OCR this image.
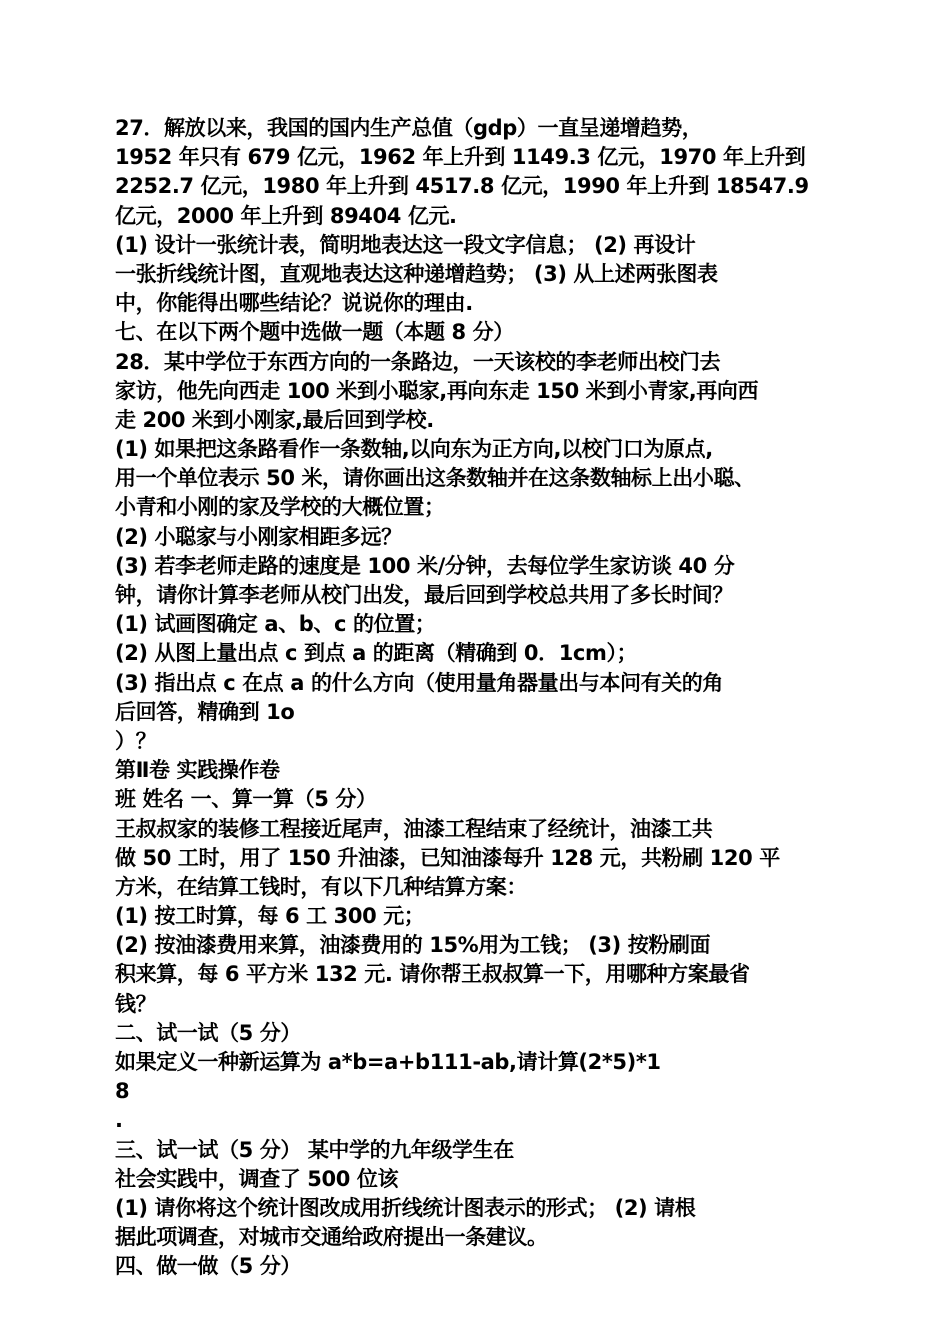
27．解放以来，我国的国内生产总值（gdp）一直呈递增趋势，
1952 年只有 679 亿元，1962 年上升到 1149.3 亿元，1970 年上升到
2252.7 亿元，1980 年上升到 4517.8 亿元，1990 年上升到 18547.9
亿元，2000 年上升到 89404 亿元.
(1) 设计一张统计表，简明地表达这一段文字信息； (2) 再设计
一张折线统计图，直观地表达这种递增趋势； (3) 从上述两张图表
中，你能得出哪些结论？说说你的理由.
七、在以下两个题中选做一题（本题 8 分）
28．某中学位于东西方向的一条路边，一天该校的李老师出校门去
家访，他先向西走 100 米到小聪家,再向东走 150 米到小青家,再向西
走 200 米到小刚家,最后回到学校.
(1) 如果把这条路看作一条数轴,以向东为正方向,以校门口为原点,
用一个单位表示 50 米，请你画出这条数轴并在这条数轴标上出小聪、
小青和小刚的家及学校的大概位置；
(2) 小聪家与小刚家相距多远？
(3) 若李老师走路的速度是 100 米/分钟，去每位学生家访谈 40 分
钟，请你计算李老师从校门出发，最后回到学校总共用了多长时间？
(1) 试画图确定 a、b、c 的位置；
(2) 从图上量出点 c 到点 a 的距离（精确到 0．1cm）；
(3) 指出点 c 在点 a 的什么方向（使用量角器量出与本问有关的角
后回答，精确到 1o
）？
第Ⅱ卷 实践操作卷
班 姓名 一、算一算（5 分）
王叔叔家的装修工程接近尾声，油漆工程结束了经统计，油漆工共
做 50 工时，用了 150 升油漆，已知油漆每升 128 元，共粉刷 120 平
方米，在结算工钱时，有以下几种结算方案：
(1) 按工时算，每 6 工 300 元；
(2) 按油漆费用来算，油漆费用的 15%用为工钱； (3) 按粉刷面
积来算，每 6 平方米 132 元. 请你帮王叔叔算一下，用哪种方案最省
钱？
二、试一试（5 分）
如果定义一种新运算为 a*b=a+b111-ab,请计算(2*5)*1
8
.
三、试一试（5 分） 某中学的九年级学生在
社会实践中，调查了 500 位该
(1) 请你将这个统计图改成用折线统计图表示的形式； (2) 请根
据此项调查，对城市交通给政府提出一条建议。
四、做一做（5 分）
